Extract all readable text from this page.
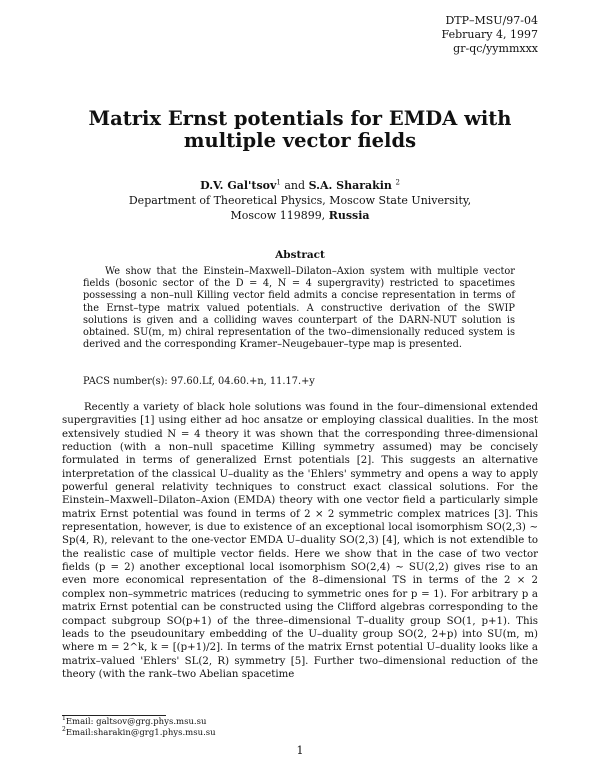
DTP–MSU/97-04
February 4, 1997
gr-qc/yymmxxx
Matrix Ernst potentials for EMDA with
multiple vector fields
D.V. Gal'tsov$^1$ and S.A. Sharakin $^2$
Department of Theoretical Physics, Moscow State University,
Moscow 119899, Russia
Abstract
We show that the Einstein–Maxwell–Dilaton–Axion system with multiple vector fields (bosonic sector of the D = 4, N = 4 supergravity) restricted to spacetimes possessing a non–null Killing vector field admits a concise representation in terms of the Ernst–type matrix valued potentials. A constructive derivation of the SWIP solutions is given and a colliding waves counterpart of the DARN-NUT solution is obtained. SU(m, m) chiral representation of the two–dimensionally reduced system is derived and the corresponding Kramer–Neugebauer–type map is presented.
PACS number(s): 97.60.Lf, 04.60.+n, 11.17.+y
Recently a variety of black hole solutions was found in the four–dimensional extended supergravities [1] using either ad hoc ansatze or employing classical dualities. In the most extensively studied N = 4 theory it was shown that the corresponding three-dimensional reduction (with a non–null spacetime Killing symmetry assumed) may be concisely formulated in terms of generalized Ernst potentials [2]. This suggests an alternative interpretation of the classical U–duality as the 'Ehlers' symmetry and opens a way to apply powerful general relativity techniques to construct exact classical solutions. For the Einstein–Maxwell–Dilaton–Axion (EMDA) theory with one vector field a particularly simple matrix Ernst potential was found in terms of 2 × 2 symmetric complex matrices [3]. This representation, however, is due to existence of an exceptional local isomorphism SO(2,3) ∼ Sp(4, R), relevant to the one-vector EMDA U–duality SO(2,3) [4], which is not extendible to the realistic case of multiple vector fields. Here we show that in the case of two vector fields (p = 2) another exceptional local isomorphism SO(2,4) ∼ SU(2,2) gives rise to an even more economical representation of the 8–dimensional TS in terms of the 2 × 2 complex non–symmetric matrices (reducing to symmetric ones for p = 1). For arbitrary p a matrix Ernst potential can be constructed using the Clifford algebras corresponding to the compact subgroup SO(p+1) of the three–dimensional T–duality group SO(1, p+1). This leads to the pseudounitary embedding of the U–duality group SO(2, 2+p) into SU(m, m) where m = 2^k, k = [(p+1)/2]. In terms of the matrix Ernst potential U–duality looks like a matrix–valued 'Ehlers' SL(2, R) symmetry [5]. Further two–dimensional reduction of the theory (with the rank–two Abelian spacetime
$^1$Email: galtsov@grg.phys.msu.su
$^2$Email:sharakin@grg1.phys.msu.su
1
